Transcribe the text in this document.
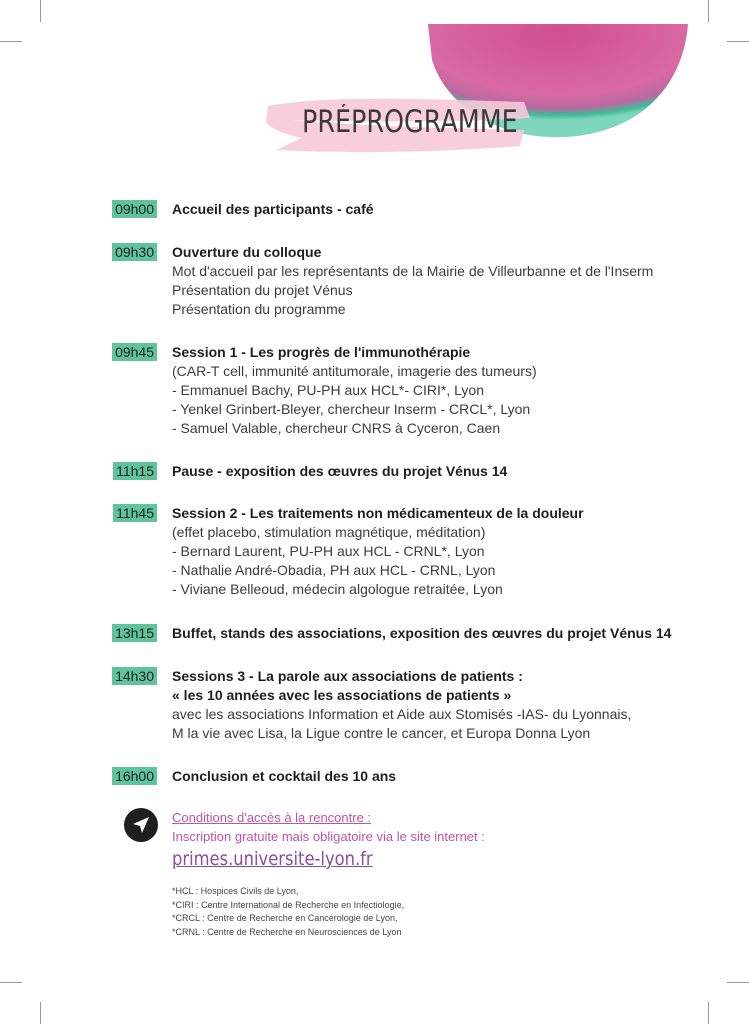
PRÉPROGRAMME
09h00 Accueil des participants - café
09h30 Ouverture du colloque
Mot d'accueil par les représentants de la Mairie de Villeurbanne et de l'Inserm
Présentation du projet Vénus
Présentation du programme
09h45 Session 1 - Les progrès de l'immunothérapie
(CAR-T cell, immunité antitumorale, imagerie des tumeurs)
- Emmanuel Bachy, PU-PH aux HCL*- CIRI*, Lyon
- Yenkel Grinbert-Bleyer, chercheur Inserm - CRCL*, Lyon
- Samuel Valable, chercheur CNRS à Cyceron, Caen
11h15 Pause - exposition des œuvres du projet Vénus 14
11h45 Session 2 - Les traitements non médicamenteux de la douleur
(effet placebo, stimulation magnétique, méditation)
- Bernard Laurent, PU-PH aux HCL - CRNL*, Lyon
- Nathalie André-Obadia, PH aux HCL - CRNL, Lyon
- Viviane Belleoud, médecin algologue retraitée, Lyon
13h15 Buffet, stands des associations, exposition des œuvres du projet Vénus 14
14h30 Sessions 3 - La parole aux associations de patients :
« les 10 années avec les associations de patients »
avec les associations Information et Aide aux Stomisés -IAS- du Lyonnais,
M la vie avec Lisa, la Ligue contre le cancer, et Europa Donna Lyon
16h00 Conclusion et cocktail des 10 ans
Conditions d'accès à la rencontre :
Inscription gratuite mais obligatoire via le site internet :
primes.universite-lyon.fr
*HCL : Hospices Civils de Lyon,
*CIRI : Centre International de Recherche en Infectiologie,
*CRCL : Centre de Recherche en Cancérologie de Lyon,
*CRNL : Centre de Recherche en Neurosciences de Lyon
